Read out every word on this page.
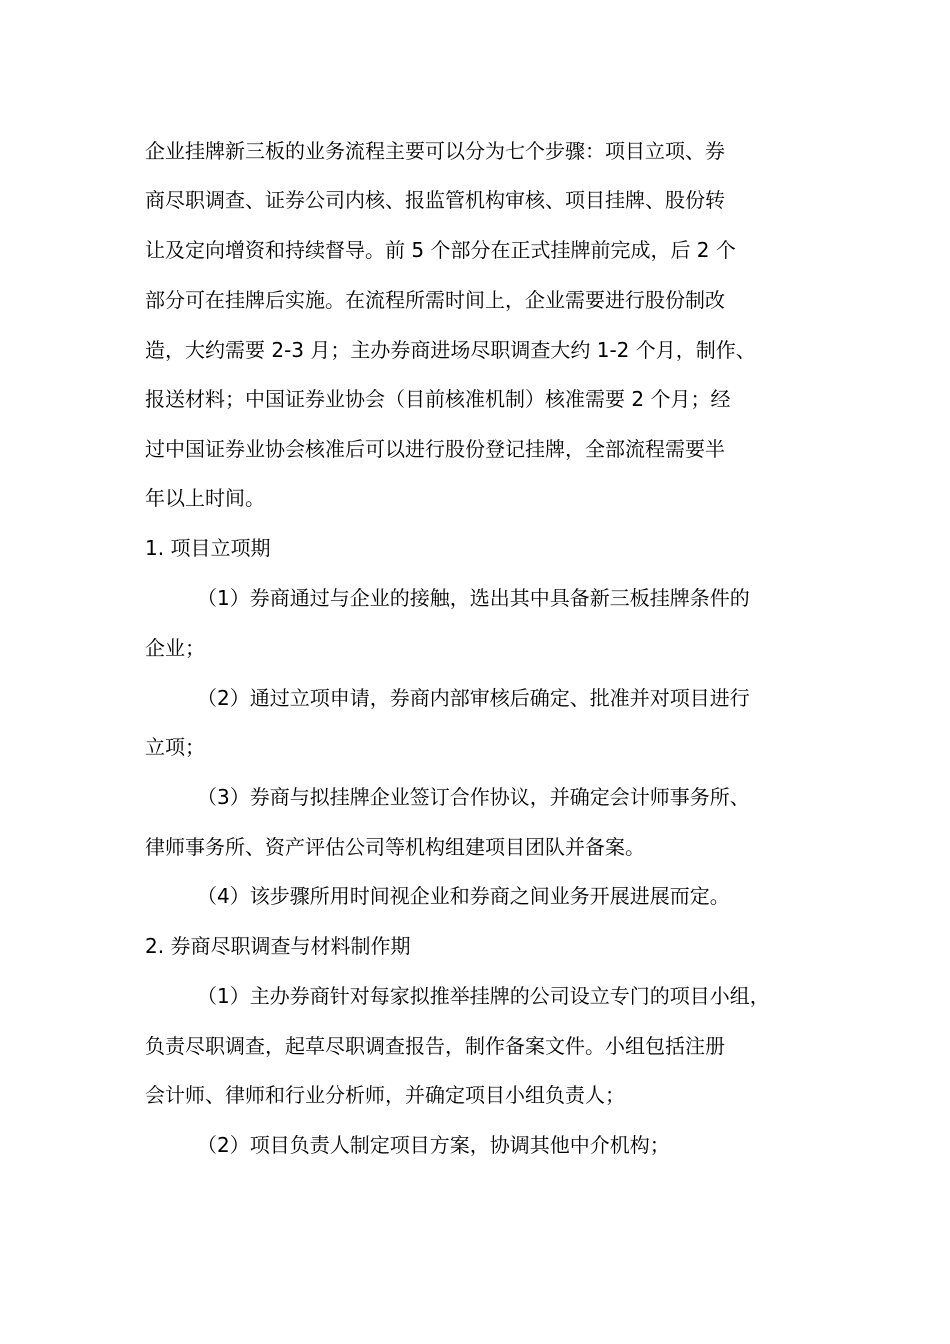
企业挂牌新三板的业务流程主要可以分为七个步骤：项目立项、券
商尽职调查、证券公司内核、报监管机构审核、项目挂牌、股份转
让及定向增资和持续督导。前 5 个部分在正式挂牌前完成，后 2 个
部分可在挂牌后实施。在流程所需时间上，企业需要进行股份制改
造，大约需要 2-3 月；主办券商进场尽职调查大约 1-2 个月，制作、
报送材料；中国证券业协会（目前核准机制）核准需要 2 个月；经
过中国证券业协会核准后可以进行股份登记挂牌，全部流程需要半
年以上时间。
1. 项目立项期
（1）券商通过与企业的接触，选出其中具备新三板挂牌条件的
企业；
（2）通过立项申请，券商内部审核后确定、批准并对项目进行
立项；
（3）券商与拟挂牌企业签订合作协议，并确定会计师事务所、
律师事务所、资产评估公司等机构组建项目团队并备案。
（4）该步骤所用时间视企业和券商之间业务开展进展而定。
2. 券商尽职调查与材料制作期
（1）主办券商针对每家拟推举挂牌的公司设立专门的项目小组，
负责尽职调查，起草尽职调查报告，制作备案文件。小组包括注册
会计师、律师和行业分析师，并确定项目小组负责人；
（2）项目负责人制定项目方案，协调其他中介机构；
